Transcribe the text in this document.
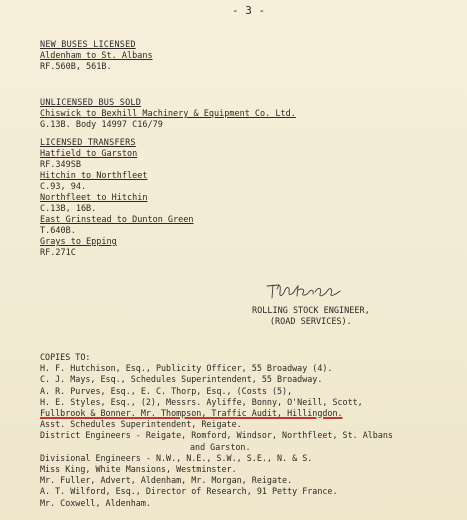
- 3 -
NEW BUSES LICENSED
Aldenham to St. Albans
RF.560B, 561B.
UNLICENSED BUS SOLD
Chiswick to Bexhill Machinery & Equipment Co. Ltd.
G.13B. Body 14997 C16/79
LICENSED TRANSFERS
Hatfield to Garston
RF.349SB
Hitchin to Northfleet
C.93, 94.
Northfleet to Hitchin
C.13B, 16B.
East Grinstead to Dunton Green
T.640B.
Grays to Epping
RF.271C
ROLLING STOCK ENGINEER,
(ROAD SERVICES).
COPIES TO:
H. F. Hutchison, Esq., Publicity Officer, 55 Broadway (4).
C. J. Mays, Esq., Schedules Superintendent, 55 Broadway.
A. R. Purves, Esq., E. C. Thorp, Esq., (Costs (5),
H. E. Styles, Esq., (2), Messrs. Ayliffe, Bonny, O'Neill, Scott,
Fullbrook & Bonner. Mr. Thompson, Traffic Audit, Hillingdon.
Asst. Schedules Superintendent, Reigate.
District Engineers - Reigate, Romford, Windsor, Northfleet, St. Albans
and Garston.
Divisional Engineers - N.W., N.E., S.W., S.E., N. & S.
Miss King, White Mansions, Westminster.
Mr. Fuller, Advert, Aldenham, Mr. Morgan, Reigate.
A. T. Wilford, Esq., Director of Research, 91 Petty France.
Mr. Coxwell, Aldenham.
